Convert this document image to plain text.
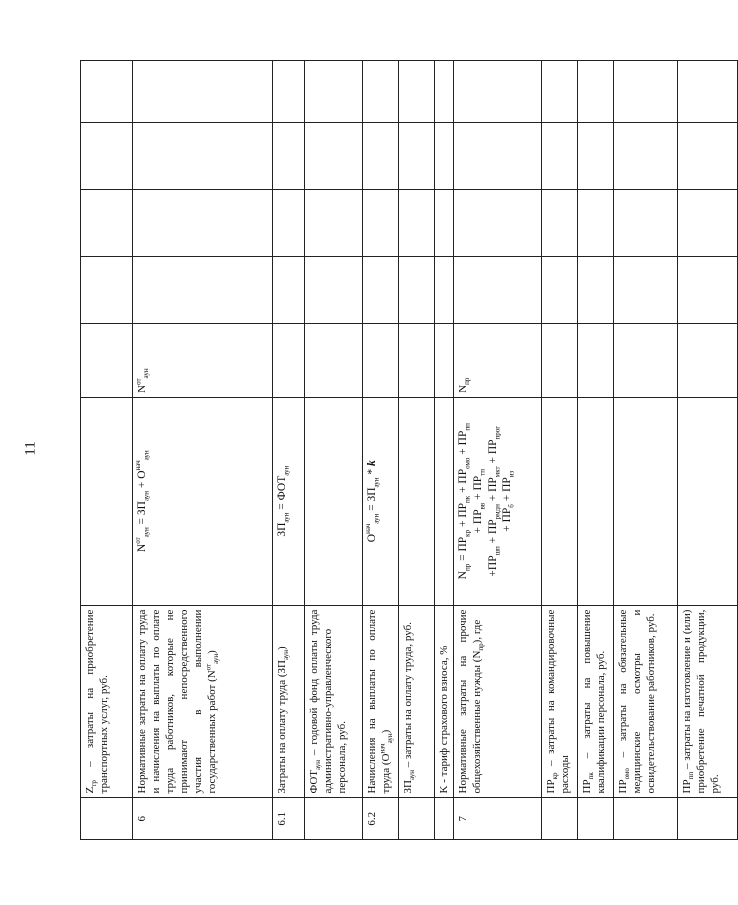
11
	$Z_{тр}$ – затраты на приобретение транспортных услуг, руб.						
6	Нормативные затраты на оплату труда и начисления на выплаты по оплате труда работников, которые не принимают непосредственного участия в выполнении государственных работ $(N^{от}_{аун})$	$N^{от}_{аун} = ЗП_{аун} + О^{нач}_{аун}$	$N^{от}_{аун}$				
6.1	Затраты на оплату труда $(ЗП_{аун})$	$ЗП_{аун} = ФОТ_{аун}$					
	$ФОТ_{аун}$ – годовой фонд оплаты труда административно-управленческого персонала, руб.						
6.2	Начисления на выплаты по оплате труда $(О^{нач}_{аун})$	$О^{нач}_{аун} = ЗП_{аун} * k$					
	$ЗП_{аун}$ – затраты на оплату труда, руб.						
	K - тариф страхового взноса, %						
7	Нормативные затраты на прочие общехозяйственные нужды $(N_{пр})$, где	$N_{пр} = ПР_{кр} + ПР_{пк} + ПР_{омо} + ПР_{пп}$
+ $ПР_{вв} + ПР_{тп}$
$+ПР_{шп} + ПР_{рмдн} + ПР_{мкт} + ПР_{прог}$
+ $ПР_б + ПР_{из}$	$N_{пр}$				
	$ПР_{кр}$ – затраты на командировочные расходы						
	$ПР_{пк}$ – затраты на повышение квалификации персонала, руб.						
	$ПР_{омо}$ – затраты на обязательные медицинские осмотры и освидетельствование работников, руб.						
	$ПР_{пп}$ – затраты на изготовление и (или) приобретение печатной продукции, руб.						
